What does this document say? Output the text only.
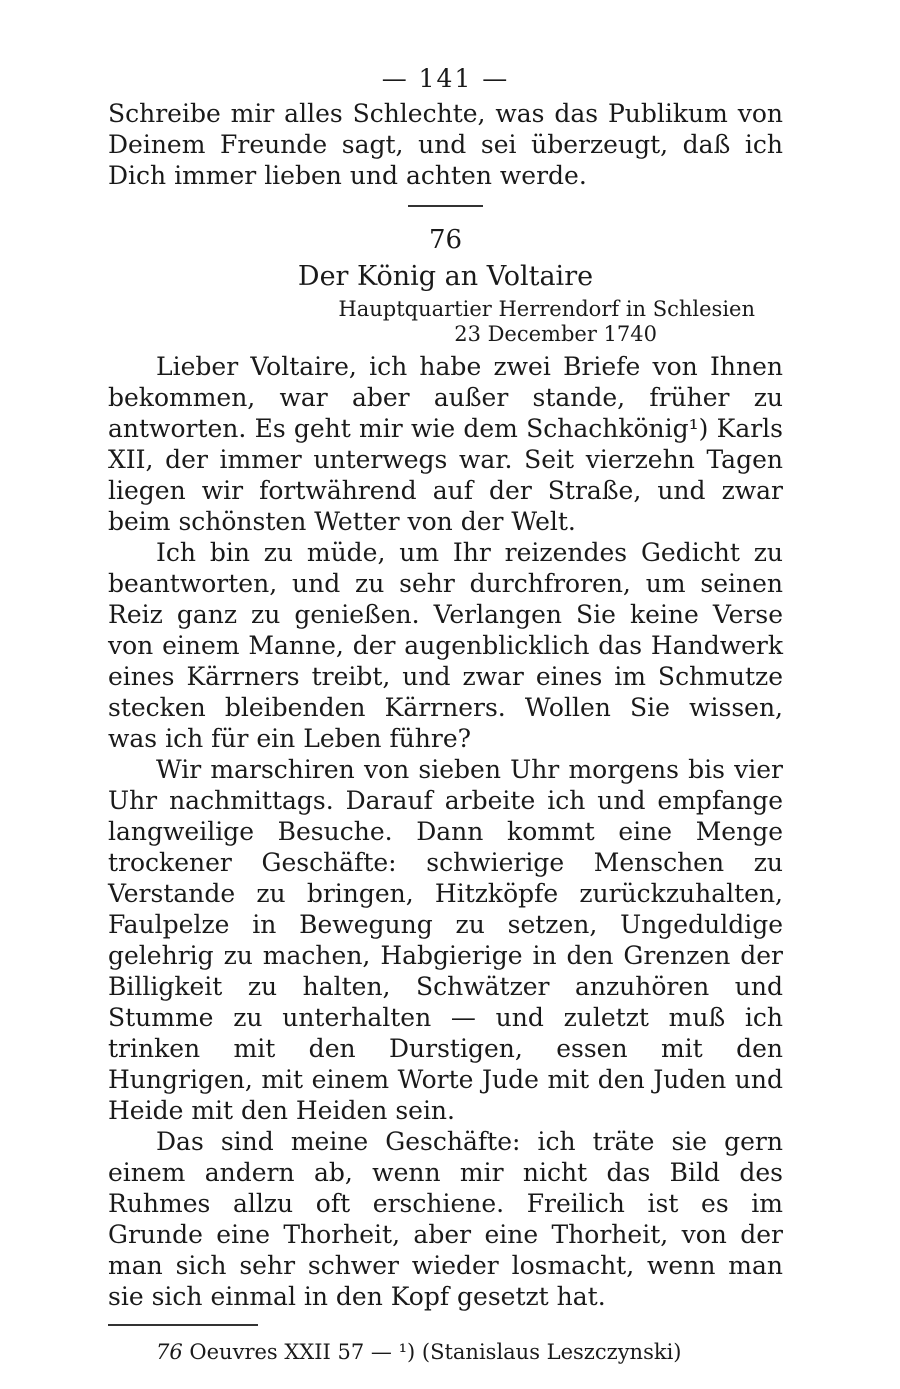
— 141 —

Schreibe mir alles Schlechte, was das Publikum von Deinem Freunde sagt, und sei überzeugt, daß ich Dich immer lieben und achten werde.

76
Der König an Voltaire
Hauptquartier Herrendorf in Schlesien
23 December 1740

Lieber Voltaire, ich habe zwei Briefe von Ihnen bekommen, war aber außer stande, früher zu antworten. Es geht mir wie dem Schachkönig¹) Karls XII, der immer unterwegs war. Seit vierzehn Tagen liegen wir fortwährend auf der Straße, und zwar beim schönsten Wetter von der Welt.

Ich bin zu müde, um Ihr reizendes Gedicht zu beantworten, und zu sehr durchfroren, um seinen Reiz ganz zu genießen. Verlangen Sie keine Verse von einem Manne, der augenblicklich das Handwerk eines Kärrners treibt, und zwar eines im Schmutze stecken bleibenden Kärrners. Wollen Sie wissen, was ich für ein Leben führe?

Wir marschiren von sieben Uhr morgens bis vier Uhr nachmittags. Darauf arbeite ich und empfange langweilige Besuche. Dann kommt eine Menge trockener Geschäfte: schwierige Menschen zu Verstande zu bringen, Hitzköpfe zurückzuhalten, Faulpelze in Bewegung zu setzen, Ungeduldige gelehrig zu machen, Habgierige in den Grenzen der Billigkeit zu halten, Schwätzer anzuhören und Stumme zu unterhalten — und zuletzt muß ich trinken mit den Durstigen, essen mit den Hungrigen, mit einem Worte Jude mit den Juden und Heide mit den Heiden sein.

Das sind meine Geschäfte: ich träte sie gern einem andern ab, wenn mir nicht das Bild des Ruhmes allzu oft erschiene. Freilich ist es im Grunde eine Thorheit, aber eine Thorheit, von der man sich sehr schwer wieder losmacht, wenn man sie sich einmal in den Kopf gesetzt hat.

76 Oeuvres XXII 57 — ¹) (Stanislaus Leszczynski)
